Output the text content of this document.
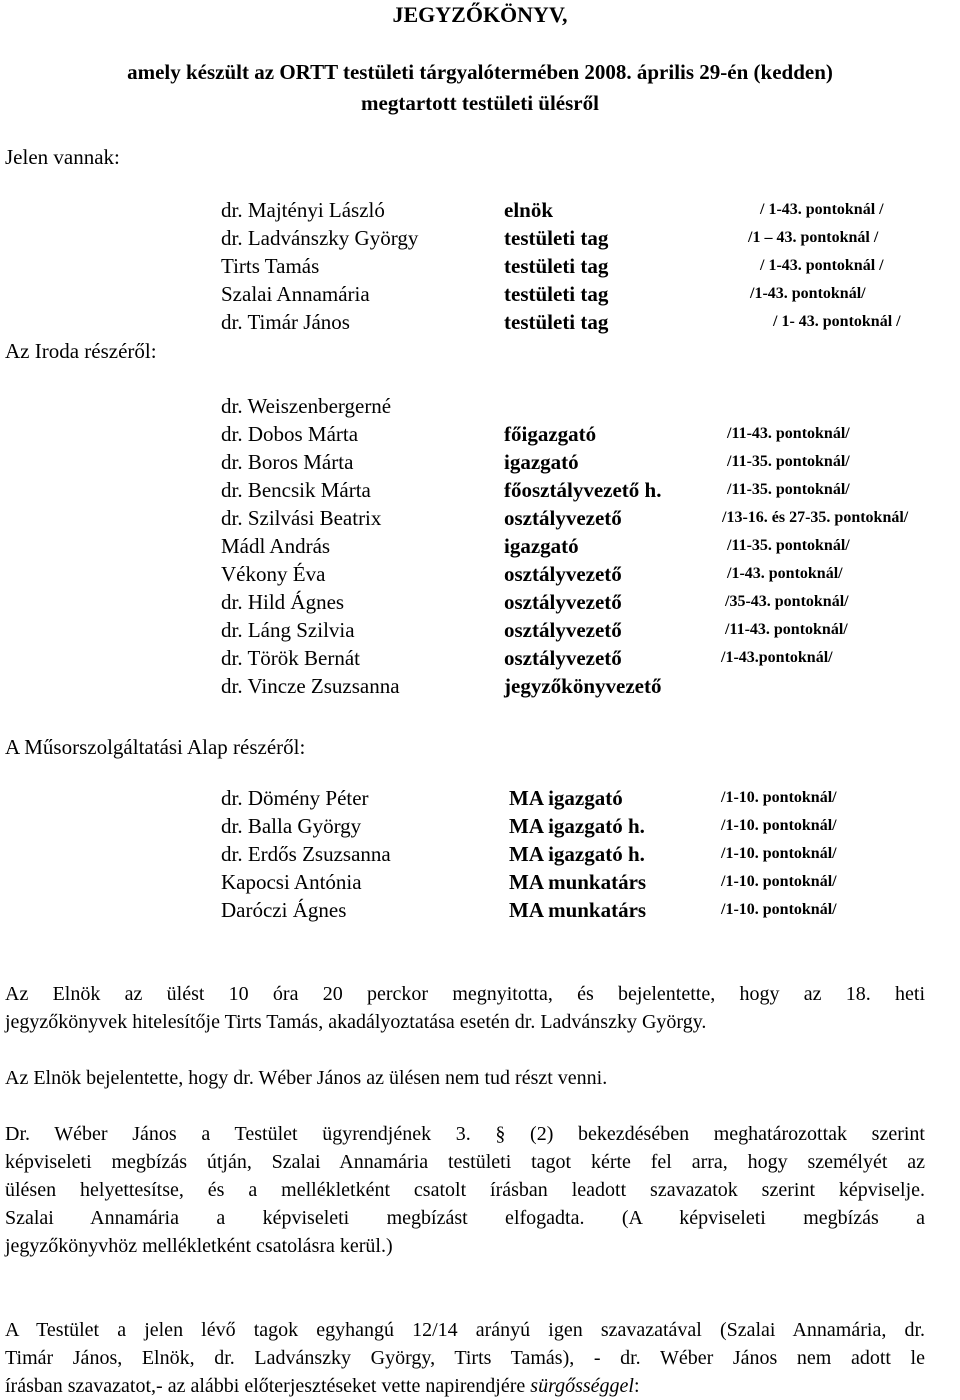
JEGYZŐKÖNYV,
amely készült az ORTT testületi tárgyalótermében 2008. április 29-én (kedden)
megtartott testületi ülésről
Jelen vannak:
Az Iroda részéről:
A Műsorszolgáltatási Alap részéről:
dr. Majtényi László	elnök	/ 1-43. pontoknál /
dr. Ladvánszky György	testületi tag	/1 – 43. pontoknál /
Tirts Tamás	testületi tag	/ 1-43. pontoknál /
Szalai Annamária	testületi tag	/1-43. pontoknál/
dr. Timár János	testületi tag	/ 1- 43. pontoknál /
dr. Weiszenbergerné
dr. Dobos Márta	főigazgató	/11-43. pontoknál/
dr. Boros Márta	igazgató	/11-35. pontoknál/
dr. Bencsik Márta	főosztályvezető h.	/11-35. pontoknál/
dr. Szilvási Beatrix	osztályvezető	/13-16. és 27-35. pontoknál/
Mádl András	igazgató	/11-35. pontoknál/
Vékony Éva	osztályvezető	/1-43. pontoknál/
dr. Hild Ágnes	osztályvezető	/35-43. pontoknál/
dr. Láng Szilvia	osztályvezető	/11-43. pontoknál/
dr. Török Bernát	osztályvezető	/1-43.pontoknál/
dr. Vincze Zsuzsanna	jegyzőkönyvezető
dr. Dömény Péter	MA igazgató	/1-10. pontoknál/
dr. Balla György	MA igazgató h.	/1-10. pontoknál/
dr. Erdős Zsuzsanna	MA igazgató h.	/1-10. pontoknál/
Kapocsi Antónia	MA munkatárs	/1-10. pontoknál/
Daróczi Ágnes	MA munkatárs	/1-10. pontoknál/
Az Elnök az ülést 10 óra 20 perckor megnyitotta, és bejelentette, hogy az 18. heti
jegyzőkönyvek hitelesítője Tirts Tamás, akadályoztatása esetén dr. Ladvánszky György.
Az Elnök bejelentette, hogy dr. Wéber János az ülésen nem tud részt venni.
Dr. Wéber János a Testület ügyrendjének 3. § (2) bekezdésében meghatározottak szerint
képviseleti megbízás útján, Szalai Annamária testületi tagot kérte fel arra, hogy személyét az
ülésen helyettesítse, és a mellékletként csatolt írásban leadott szavazatok szerint képviselje.
Szalai Annamária a képviseleti megbízást elfogadta. (A képviseleti megbízás a
jegyzőkönyvhöz mellékletként csatolásra kerül.)
A Testület a jelen lévő tagok egyhangú 12/14 arányú igen szavazatával (Szalai Annamária, dr.
Timár János, Elnök, dr. Ladvánszky György, Tirts Tamás), - dr. Wéber János nem adott le
írásban szavazatot,- az alábbi előterjesztéseket vette napirendjére sürgősséggel:
